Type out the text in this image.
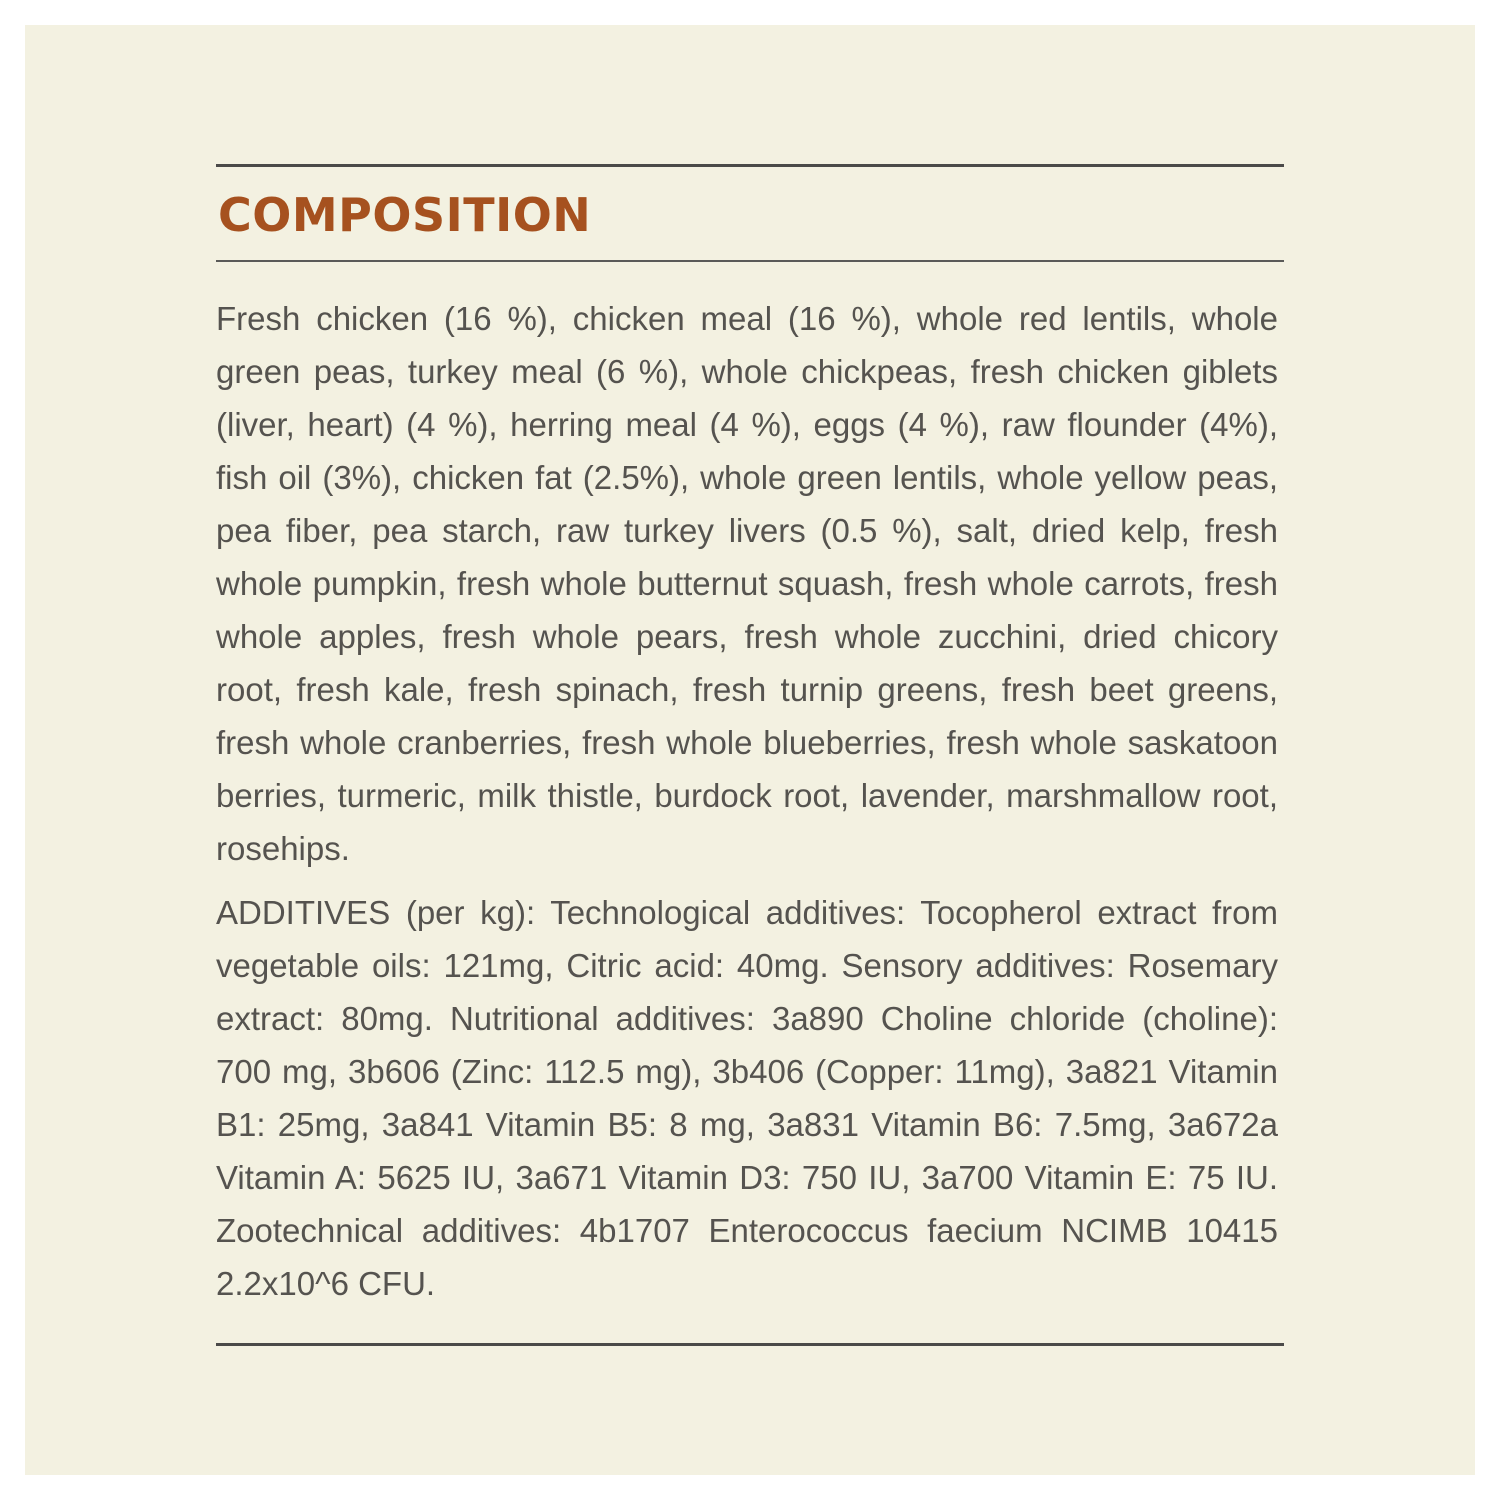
COMPOSITION

Fresh chicken (16 %), chicken meal (16 %), whole red lentils, whole green peas, turkey meal (6 %), whole chickpeas, fresh chicken giblets (liver, heart) (4 %), herring meal (4 %), eggs (4 %), raw flounder (4%), fish oil (3%), chicken fat (2.5%), whole green lentils, whole yellow peas, pea fiber, pea starch, raw turkey livers (0.5 %), salt, dried kelp, fresh whole pumpkin, fresh whole butternut squash, fresh whole carrots, fresh whole apples, fresh whole pears, fresh whole zucchini, dried chicory root, fresh kale, fresh spinach, fresh turnip greens, fresh beet greens, fresh whole cranberries, fresh whole blueberries, fresh whole saskatoon berries, turmeric, milk thistle, burdock root, lavender, marshmallow root, rosehips.

ADDITIVES (per kg): Technological additives: Tocopherol extract from vegetable oils: 121mg, Citric acid: 40mg. Sensory additives: Rosemary extract: 80mg. Nutritional additives: 3a890 Choline chloride (choline): 700 mg, 3b606 (Zinc: 112.5 mg), 3b406 (Copper: 11mg), 3a821 Vitamin B1: 25mg, 3a841 Vitamin B5: 8 mg, 3a831 Vitamin B6: 7.5mg, 3a672a Vitamin A: 5625 IU, 3a671 Vitamin D3: 750 IU, 3a700 Vitamin E: 75 IU. Zootechnical additives: 4b1707 Enterococcus faecium NCIMB 10415 2.2x10^6 CFU.
